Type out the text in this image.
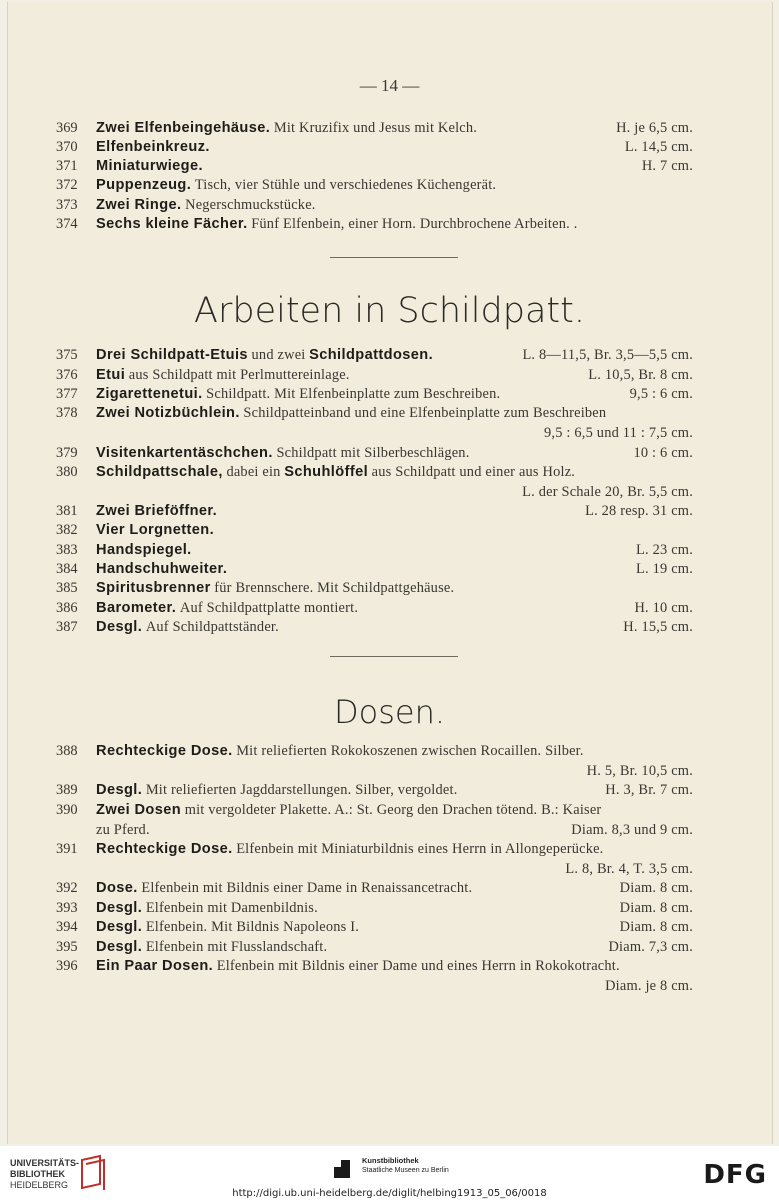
— 14 —
369	Zwei Elfenbeingehäuse. Mit Kruzifix und Jesus mit Kelch.	H. je 6,5 cm.
370	Elfenbeinkreuz.	L. 14,5 cm.
371	Miniaturwiege.	H. 7 cm.
372	Puppenzeug. Tisch, vier Stühle und verschiedenes Küchengerät.
373	Zwei Ringe. Negerschmuckstücke.
374	Sechs kleine Fächer. Fünf Elfenbein, einer Horn. Durchbrochene Arbeiten. .
Arbeiten in Schildpatt.
375	Drei Schildpatt-Etuis und zwei Schildpattdosen.	L. 8—11,5, Br. 3,5—5,5 cm.
376	Etui aus Schildpatt mit Perlmuttereinlage.	L. 10,5, Br. 8 cm.
377	Zigarettenetui. Schildpatt. Mit Elfenbeinplatte zum Beschreiben.	9,5 : 6 cm.
378	Zwei Notizbüchlein. Schildpatteinband und eine Elfenbeinplatte zum Beschreiben
9,5 : 6,5 und 11 : 7,5 cm.
379	Visitenkartentäschchen. Schildpatt mit Silberbeschlägen.	10 : 6 cm.
380	Schildpattschale, dabei ein Schuhlöffel aus Schildpatt und einer aus Holz.
L. der Schale 20, Br. 5,5 cm.
381	Zwei Brieföffner.	L. 28 resp. 31 cm.
382	Vier Lorgnetten.
383	Handspiegel.	L. 23 cm.
384	Handschuhweiter.	L. 19 cm.
385	Spiritusbrenner für Brennschere. Mit Schildpattgehäuse.
386	Barometer. Auf Schildpattplatte montiert.	H. 10 cm.
387	Desgl. Auf Schildpattständer.	H. 15,5 cm.
Dosen.
388	Rechteckige Dose. Mit reliefierten Rokokoszenen zwischen Rocaillen. Silber.
H. 5, Br. 10,5 cm.
389	Desgl. Mit reliefierten Jagddarstellungen. Silber, vergoldet.	H. 3, Br. 7 cm.
390	Zwei Dosen mit vergoldeter Plakette. A.: St. Georg den Drachen tötend. B.: Kaiser
zu Pferd.	Diam. 8,3 und 9 cm.
391	Rechteckige Dose. Elfenbein mit Miniaturbildnis eines Herrn in Allongeperücke.
L. 8, Br. 4, T. 3,5 cm.
392	Dose. Elfenbein mit Bildnis einer Dame in Renaissancetracht.	Diam. 8 cm.
393	Desgl. Elfenbein mit Damenbildnis.	Diam. 8 cm.
394	Desgl. Elfenbein. Mit Bildnis Napoleons I.	Diam. 8 cm.
395	Desgl. Elfenbein mit Flusslandschaft.	Diam. 7,3 cm.
396	Ein Paar Dosen. Elfenbein mit Bildnis einer Dame und eines Herrn in Rokokotracht.
Diam. je 8 cm.
UNIVERSITÄTS-
BIBLIOTHEK
HEIDELBERG
Kunstbibliothek
Staatliche Museen zu Berlin	DFG
http://digi.ub.uni-heidelberg.de/diglit/helbing1913_05_06/0018
